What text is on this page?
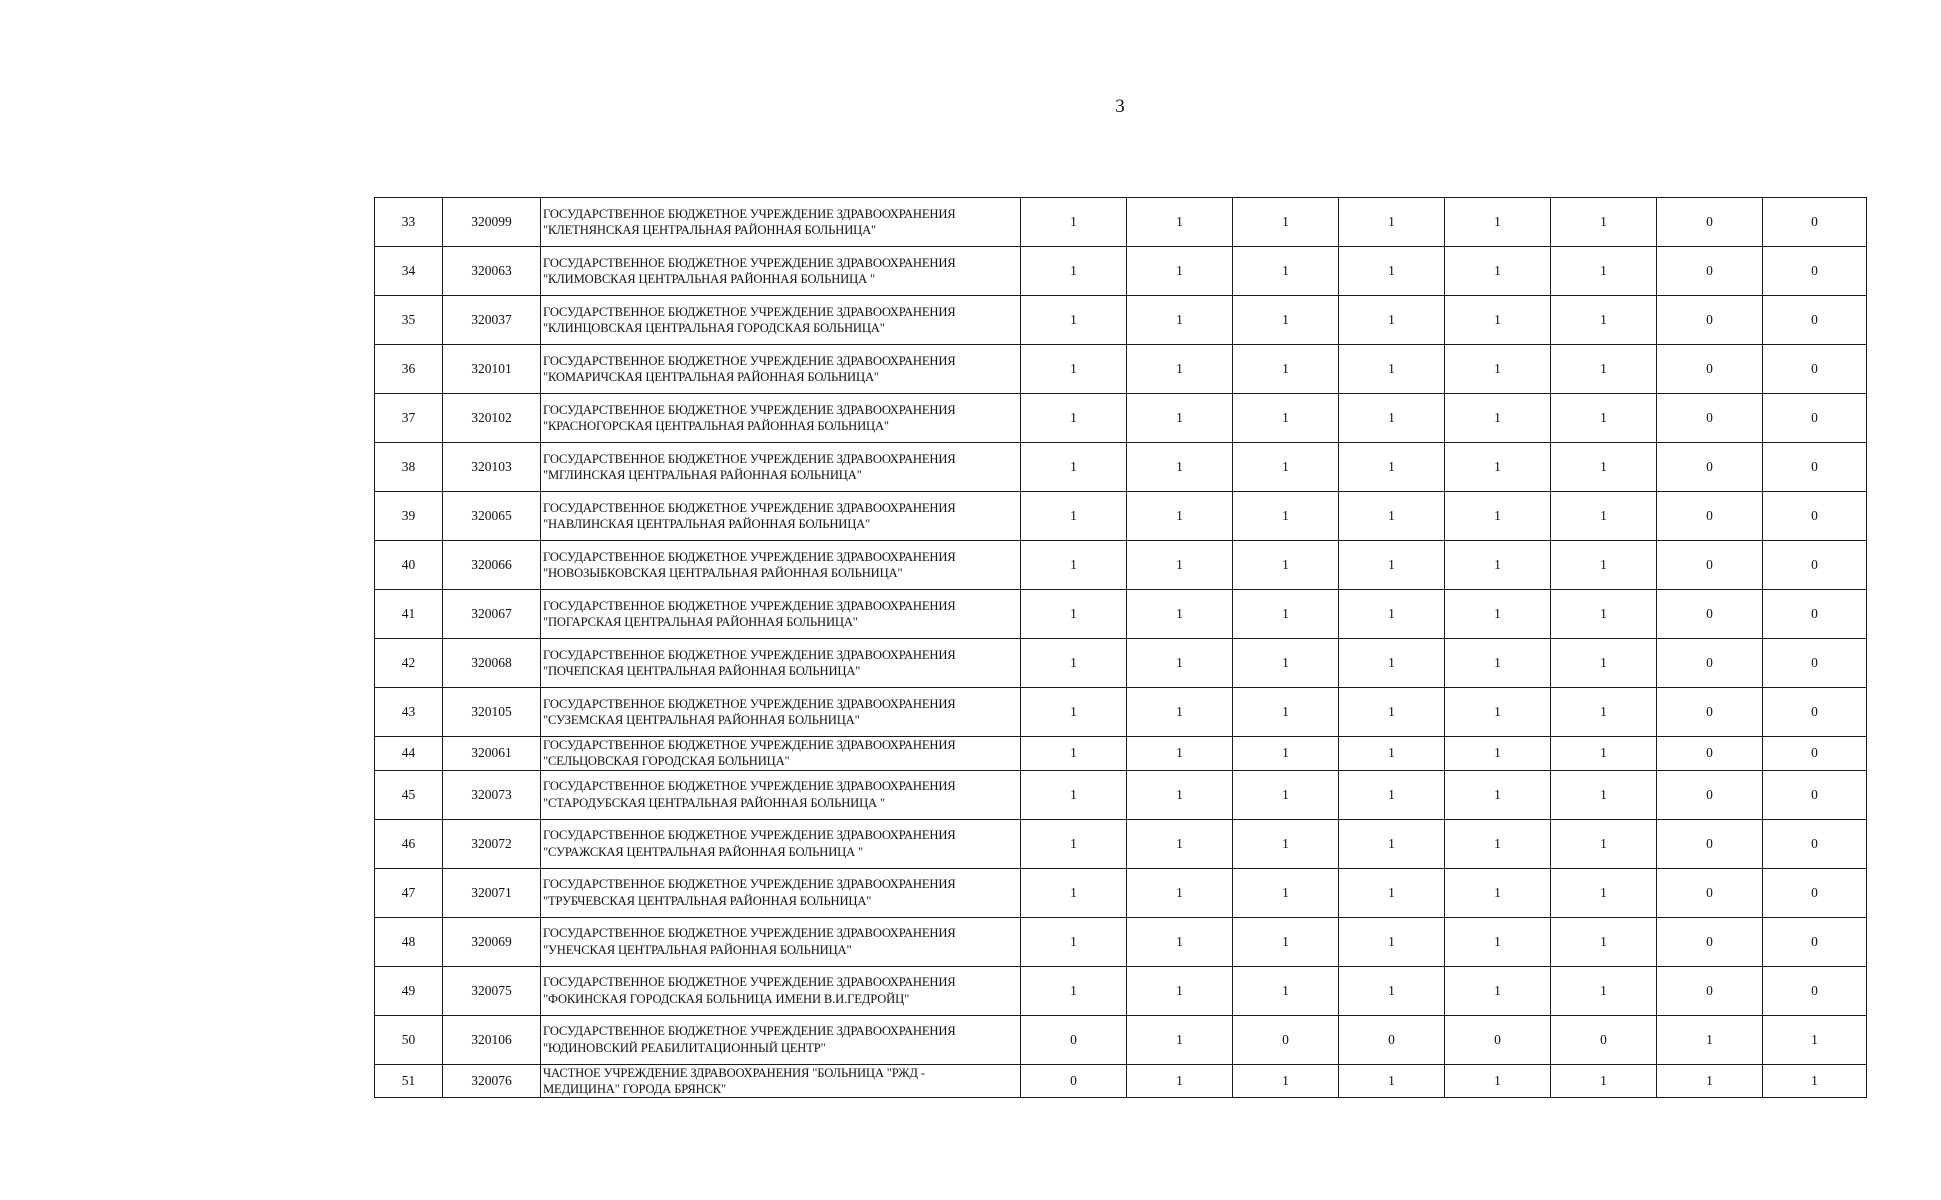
3
33	320099	ГОСУДАРСТВЕННОЕ БЮДЖЕТНОЕ УЧРЕЖДЕНИЕ ЗДРАВООХРАНЕНИЯ
"КЛЕТНЯНСКАЯ ЦЕНТРАЛЬНАЯ РАЙОННАЯ БОЛЬНИЦА"	1	1	1	1	1	1	0	0
34	320063	ГОСУДАРСТВЕННОЕ БЮДЖЕТНОЕ УЧРЕЖДЕНИЕ ЗДРАВООХРАНЕНИЯ
"КЛИМОВСКАЯ ЦЕНТРАЛЬНАЯ РАЙОННАЯ БОЛЬНИЦА "	1	1	1	1	1	1	0	0
35	320037	ГОСУДАРСТВЕННОЕ БЮДЖЕТНОЕ УЧРЕЖДЕНИЕ ЗДРАВООХРАНЕНИЯ
"КЛИНЦОВСКАЯ ЦЕНТРАЛЬНАЯ ГОРОДСКАЯ БОЛЬНИЦА"	1	1	1	1	1	1	0	0
36	320101	ГОСУДАРСТВЕННОЕ БЮДЖЕТНОЕ УЧРЕЖДЕНИЕ ЗДРАВООХРАНЕНИЯ
"КОМАРИЧСКАЯ ЦЕНТРАЛЬНАЯ РАЙОННАЯ БОЛЬНИЦА"	1	1	1	1	1	1	0	0
37	320102	ГОСУДАРСТВЕННОЕ БЮДЖЕТНОЕ УЧРЕЖДЕНИЕ ЗДРАВООХРАНЕНИЯ
"КРАСНОГОРСКАЯ ЦЕНТРАЛЬНАЯ РАЙОННАЯ БОЛЬНИЦА"	1	1	1	1	1	1	0	0
38	320103	ГОСУДАРСТВЕННОЕ БЮДЖЕТНОЕ УЧРЕЖДЕНИЕ ЗДРАВООХРАНЕНИЯ
"МГЛИНСКАЯ ЦЕНТРАЛЬНАЯ РАЙОННАЯ БОЛЬНИЦА"	1	1	1	1	1	1	0	0
39	320065	ГОСУДАРСТВЕННОЕ БЮДЖЕТНОЕ УЧРЕЖДЕНИЕ ЗДРАВООХРАНЕНИЯ
"НАВЛИНСКАЯ ЦЕНТРАЛЬНАЯ РАЙОННАЯ БОЛЬНИЦА"	1	1	1	1	1	1	0	0
40	320066	ГОСУДАРСТВЕННОЕ БЮДЖЕТНОЕ УЧРЕЖДЕНИЕ ЗДРАВООХРАНЕНИЯ
"НОВОЗЫБКОВСКАЯ ЦЕНТРАЛЬНАЯ РАЙОННАЯ БОЛЬНИЦА"	1	1	1	1	1	1	0	0
41	320067	ГОСУДАРСТВЕННОЕ БЮДЖЕТНОЕ УЧРЕЖДЕНИЕ ЗДРАВООХРАНЕНИЯ
"ПОГАРСКАЯ ЦЕНТРАЛЬНАЯ РАЙОННАЯ БОЛЬНИЦА"	1	1	1	1	1	1	0	0
42	320068	ГОСУДАРСТВЕННОЕ БЮДЖЕТНОЕ УЧРЕЖДЕНИЕ ЗДРАВООХРАНЕНИЯ
"ПОЧЕПСКАЯ ЦЕНТРАЛЬНАЯ РАЙОННАЯ БОЛЬНИЦА"	1	1	1	1	1	1	0	0
43	320105	ГОСУДАРСТВЕННОЕ БЮДЖЕТНОЕ УЧРЕЖДЕНИЕ ЗДРАВООХРАНЕНИЯ
"СУЗЕМСКАЯ ЦЕНТРАЛЬНАЯ РАЙОННАЯ БОЛЬНИЦА"	1	1	1	1	1	1	0	0
44	320061	ГОСУДАРСТВЕННОЕ БЮДЖЕТНОЕ УЧРЕЖДЕНИЕ ЗДРАВООХРАНЕНИЯ
"СЕЛЬЦОВСКАЯ ГОРОДСКАЯ БОЛЬНИЦА"	1	1	1	1	1	1	0	0
45	320073	ГОСУДАРСТВЕННОЕ БЮДЖЕТНОЕ УЧРЕЖДЕНИЕ ЗДРАВООХРАНЕНИЯ
"СТАРОДУБСКАЯ ЦЕНТРАЛЬНАЯ РАЙОННАЯ БОЛЬНИЦА "	1	1	1	1	1	1	0	0
46	320072	ГОСУДАРСТВЕННОЕ БЮДЖЕТНОЕ УЧРЕЖДЕНИЕ ЗДРАВООХРАНЕНИЯ
"СУРАЖСКАЯ ЦЕНТРАЛЬНАЯ РАЙОННАЯ БОЛЬНИЦА "	1	1	1	1	1	1	0	0
47	320071	ГОСУДАРСТВЕННОЕ БЮДЖЕТНОЕ УЧРЕЖДЕНИЕ ЗДРАВООХРАНЕНИЯ
"ТРУБЧЕВСКАЯ ЦЕНТРАЛЬНАЯ РАЙОННАЯ БОЛЬНИЦА"	1	1	1	1	1	1	0	0
48	320069	ГОСУДАРСТВЕННОЕ БЮДЖЕТНОЕ УЧРЕЖДЕНИЕ ЗДРАВООХРАНЕНИЯ
"УНЕЧСКАЯ ЦЕНТРАЛЬНАЯ РАЙОННАЯ БОЛЬНИЦА"	1	1	1	1	1	1	0	0
49	320075	ГОСУДАРСТВЕННОЕ БЮДЖЕТНОЕ УЧРЕЖДЕНИЕ ЗДРАВООХРАНЕНИЯ
"ФОКИНСКАЯ ГОРОДСКАЯ БОЛЬНИЦА ИМЕНИ В.И.ГЕДРОЙЦ"	1	1	1	1	1	1	0	0
50	320106	ГОСУДАРСТВЕННОЕ БЮДЖЕТНОЕ УЧРЕЖДЕНИЕ ЗДРАВООХРАНЕНИЯ
"ЮДИНОВСКИЙ РЕАБИЛИТАЦИОННЫЙ ЦЕНТР"	0	1	0	0	0	0	1	1
51	320076	ЧАСТНОЕ УЧРЕЖДЕНИЕ ЗДРАВООХРАНЕНИЯ "БОЛЬНИЦА "РЖД -
МЕДИЦИНА" ГОРОДА БРЯНСК"	0	1	1	1	1	1	1	1
